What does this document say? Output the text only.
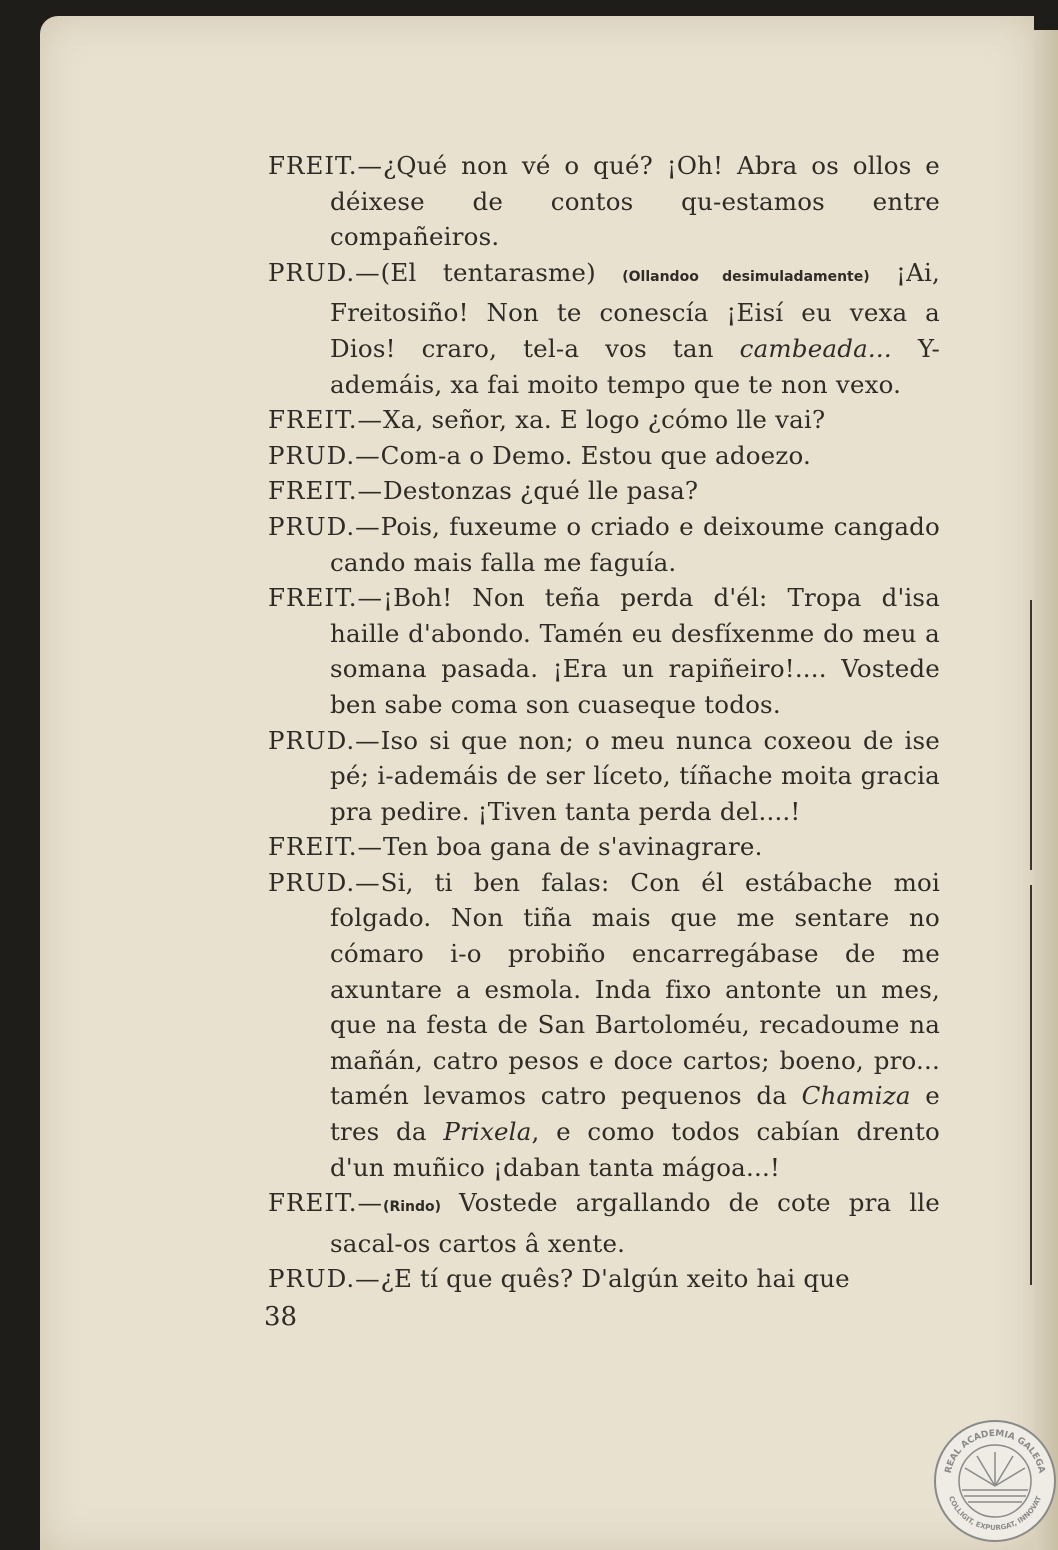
FREIT.—¿Qué non vé o qué? ¡Oh! Abra os ollos e déixese de contos qu-estamos entre compañeiros.

PRUD.—(El tentarasme) (Ollandoo desimuladamente) ¡Ai, Freitosiño! Non te conescía ¡Eisí eu vexa a Dios! craro, tel-a vos tan cambeada... Y-ademáis, xa fai moito tempo que te non vexo.

FREIT.—Xa, señor, xa. E logo ¿cómo lle vai?

PRUD.—Com-a o Demo. Estou que adoezo.

FREIT.—Destonzas ¿qué lle pasa?

PRUD.—Pois, fuxeume o criado e deixoume cangado cando mais falla me faguía.

FREIT.—¡Boh! Non teña perda d'él: Tropa d'isa haille d'abondo. Tamén eu desfíxenme do meu a somana pasada. ¡Era un rapiñeiro!.... Vostede ben sabe coma son cuaseque todos.

PRUD.—Iso si que non; o meu nunca coxeou de ise pé; i-ademáis de ser líceto, tíñache moita gracia pra pedire. ¡Tiven tanta perda del....!

FREIT.—Ten boa gana de s'avinagrare.

PRUD.—Si, ti ben falas: Con él estábache moi folgado. Non tiña mais que me sentare no cómaro i-o probiño encarregábase de me axuntare a esmola. Inda fixo antonte un mes, que na festa de San Bartoloméu, recadoume na mañán, catro pesos e doce cartos; boeno, pro... tamén levamos catro pequenos da Chamiza e tres da Prixela, e como todos cabían drento d'un muñico ¡daban tanta mágoa...!

FREIT.—(Rindo) Vostede argallando de cote pra lle sacal-os cartos â xente.

PRUD.—¿E tí que quês? D'algún xeito hai que

38
REAL ACADEMIA GALEGA
COLLIGIT, EXPURGAT, INNOVAT
